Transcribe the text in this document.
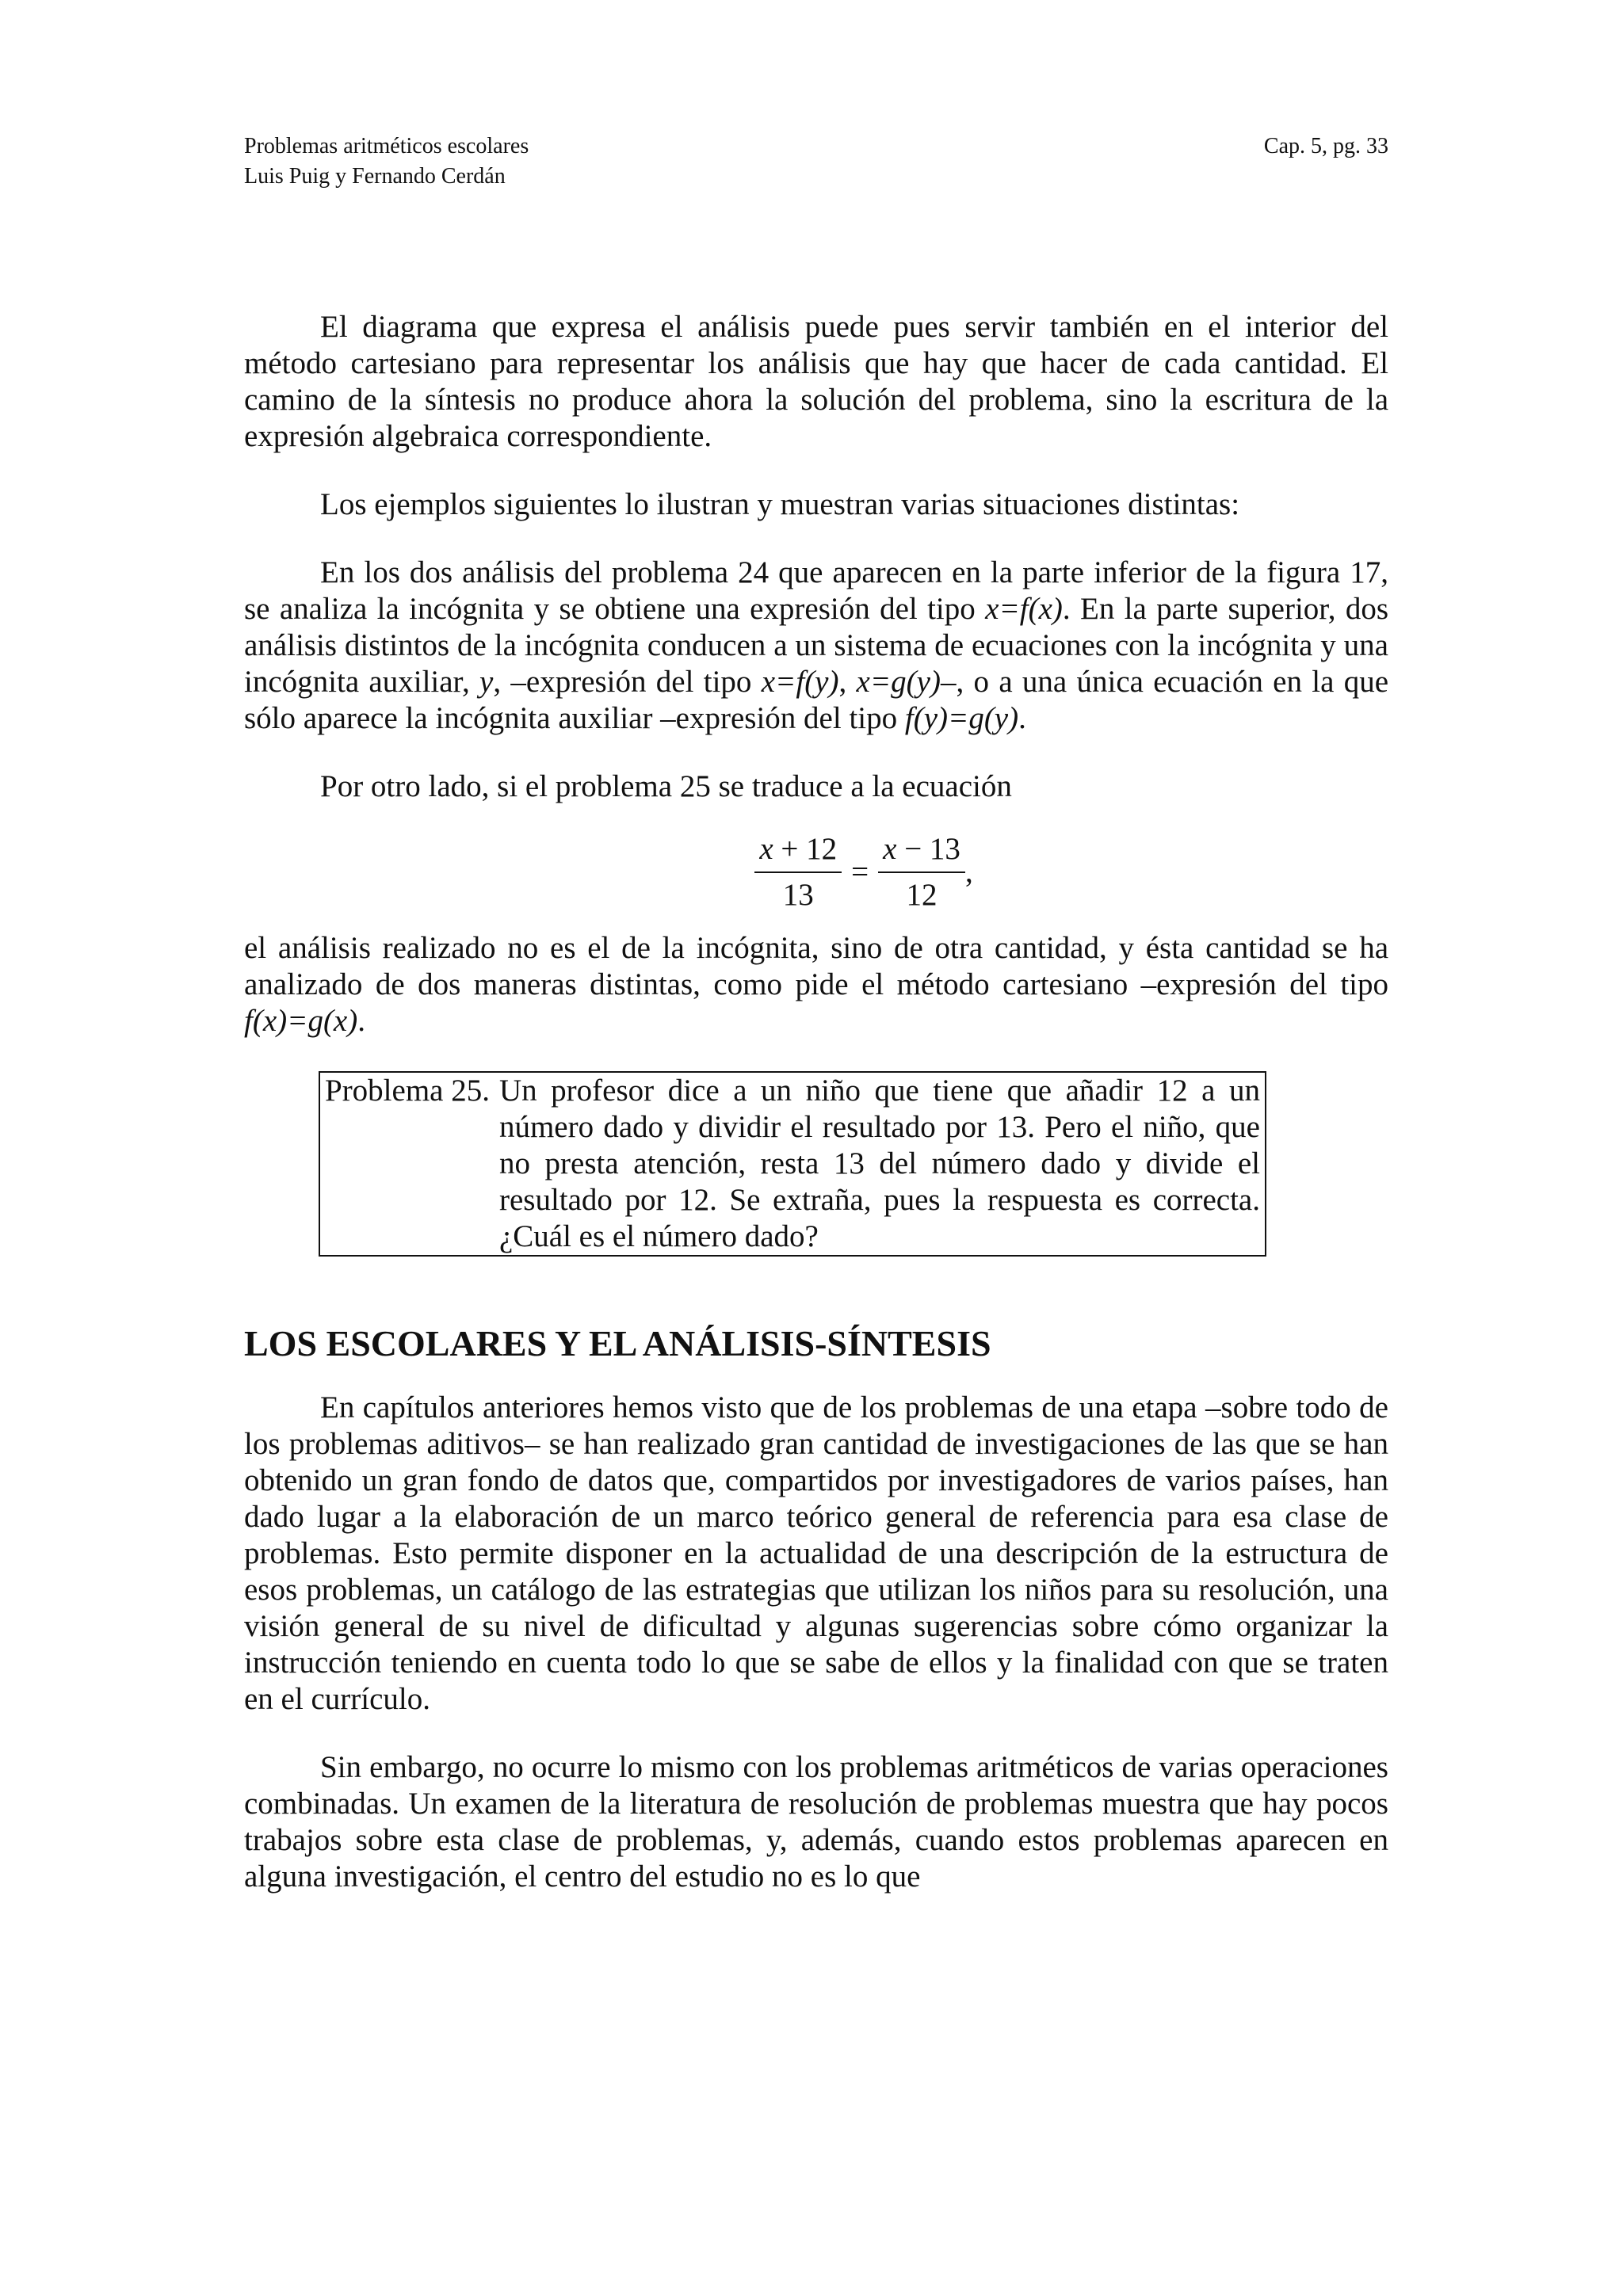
Problemas aritméticos escolares
Luis Puig y Fernando Cerdán
Cap. 5, pg. 33

El diagrama que expresa el análisis puede pues servir también en el interior del método cartesiano para representar los análisis que hay que hacer de cada cantidad. El camino de la síntesis no produce ahora la solución del problema, sino la escritura de la expresión algebraica correspondiente.

Los ejemplos siguientes lo ilustran y muestran varias situaciones distintas:

En los dos análisis del problema 24 que aparecen en la parte inferior de la figura 17, se analiza la incógnita y se obtiene una expresión del tipo x=f(x). En la parte superior, dos análisis distintos de la incógnita conducen a un sistema de ecuaciones con la incógnita y una incógnita auxiliar, y, –expresión del tipo x=f(y), x=g(y)–, o a una única ecuación en la que sólo aparece la incógnita auxiliar –expresión del tipo f(y)=g(y).

Por otro lado, si el problema 25 se traduce a la ecuación

$\frac{x + 12}{13} = \frac{x - 13}{12}$ ,

el análisis realizado no es el de la incógnita, sino de otra cantidad, y ésta cantidad se ha analizado de dos maneras distintas, como pide el método cartesiano –expresión del tipo f(x)=g(x).

Problema 25. Un profesor dice a un niño que tiene que añadir 12 a un número dado y dividir el resultado por 13. Pero el niño, que no presta atención, resta 13 del número dado y divide el resultado por 12. Se extraña, pues la respuesta es correcta. ¿Cuál es el número dado?
LOS ESCOLARES Y EL ANÁLISIS-SÍNTESIS

En capítulos anteriores hemos visto que de los problemas de una etapa –sobre todo de los problemas aditivos– se han realizado gran cantidad de investigaciones de las que se han obtenido un gran fondo de datos que, compartidos por investigadores de varios países, han dado lugar a la elaboración de un marco teórico general de referencia para esa clase de problemas. Esto permite disponer en la actualidad de una descripción de la estructura de esos problemas, un catálogo de las estrategias que utilizan los niños para su resolución, una visión general de su nivel de dificultad y algunas sugerencias sobre cómo organizar la instrucción teniendo en cuenta todo lo que se sabe de ellos y la finalidad con que se traten en el currículo.

Sin embargo, no ocurre lo mismo con los problemas aritméticos de varias operaciones combinadas. Un examen de la literatura de resolución de problemas muestra que hay pocos trabajos sobre esta clase de problemas, y, además, cuando estos problemas aparecen en alguna investigación, el centro del estudio no es lo que
